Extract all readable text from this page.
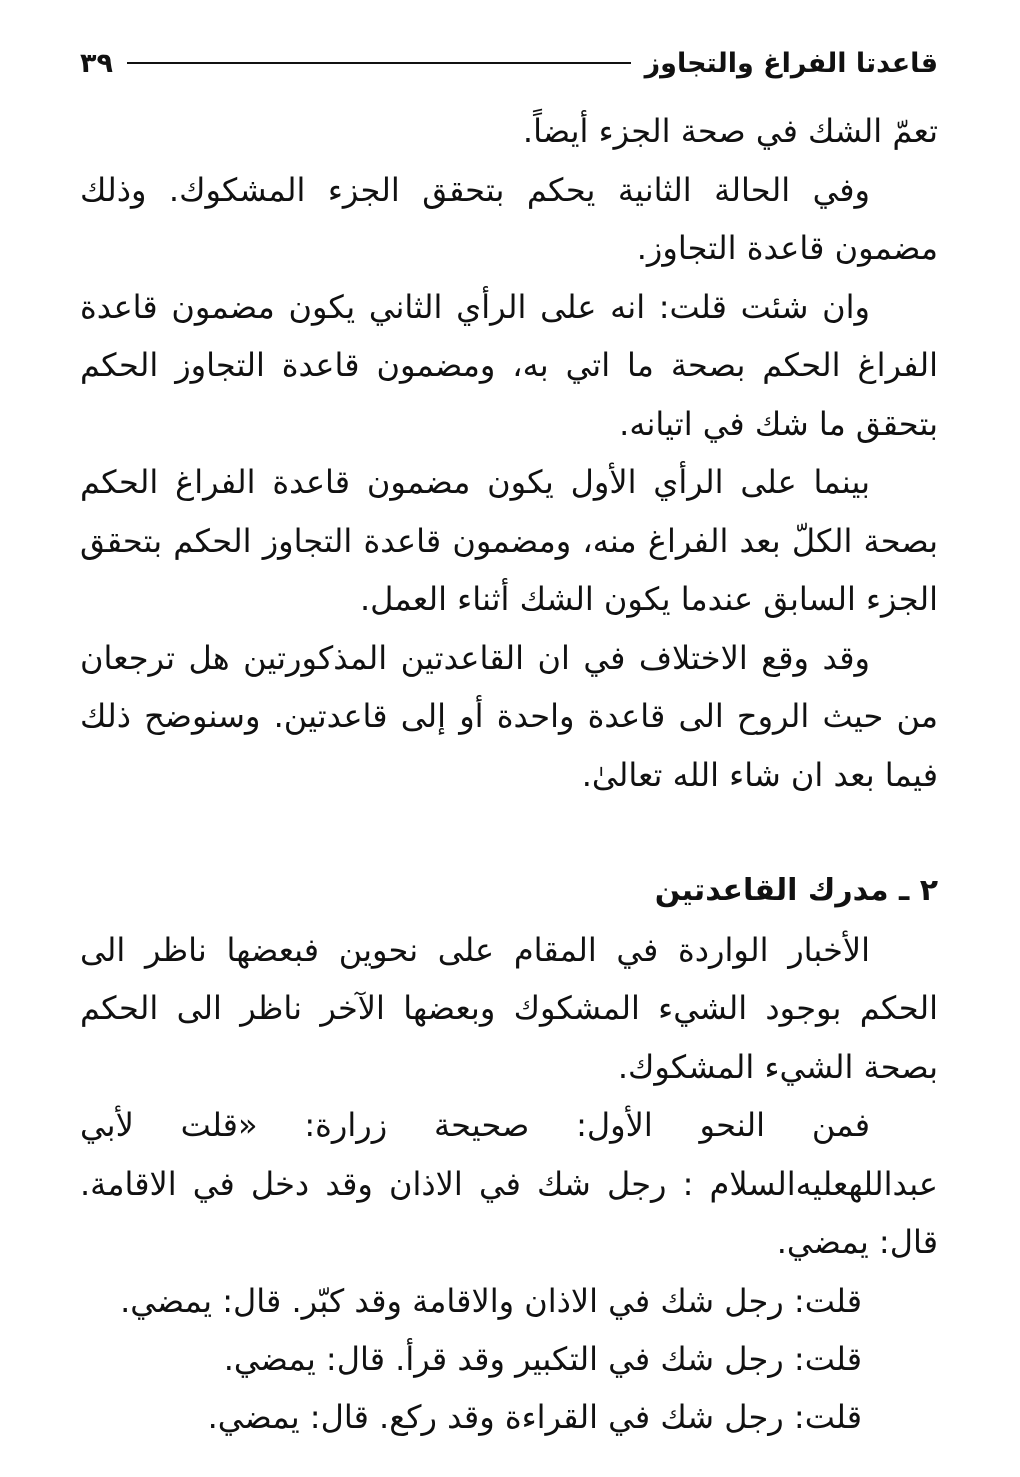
قاعدتا الفراغ والتجاوز
٣٩

تعمّ الشك في صحة الجزء أيضاً.

وفي الحالة الثانية يحكم بتحقق الجزء المشكوك. وذلك مضمون قاعدة التجاوز.

وان شئت قلت: انه على الرأي الثاني يكون مضمون قاعدة الفراغ الحكم بصحة ما اتي به، ومضمون قاعدة التجاوز الحكم بتحقق ما شك في اتيانه.

بينما على الرأي الأول يكون مضمون قاعدة الفراغ الحكم بصحة الكلّ بعد الفراغ منه، ومضمون قاعدة التجاوز الحكم بتحقق الجزء السابق عندما يكون الشك أثناء العمل.

وقد وقع الاختلاف في ان القاعدتين المذكورتين هل ترجعان من حيث الروح الى قاعدة واحدة أو إلى قاعدتين. وسنوضح ذلك فيما بعد ان شاء الله تعالىٰ.

٢ ـ مدرك القاعدتين

الأخبار الواردة في المقام على نحوين فبعضها ناظر الى الحكم بوجود الشيء المشكوك وبعضها الآخر ناظر الى الحكم بصحة الشيء المشكوك.

فمن النحو الأول: صحيحة زرارة: «قلت لأبي عبداللهعليه‌السلام : رجل شك في الاذان وقد دخل في الاقامة. قال: يمضي.

قلت: رجل شك في الاذان والاقامة وقد كبّر. قال: يمضي.

قلت: رجل شك في التكبير وقد قرأ. قال: يمضي.

قلت: رجل شك في القراءة وقد ركع. قال: يمضي.
